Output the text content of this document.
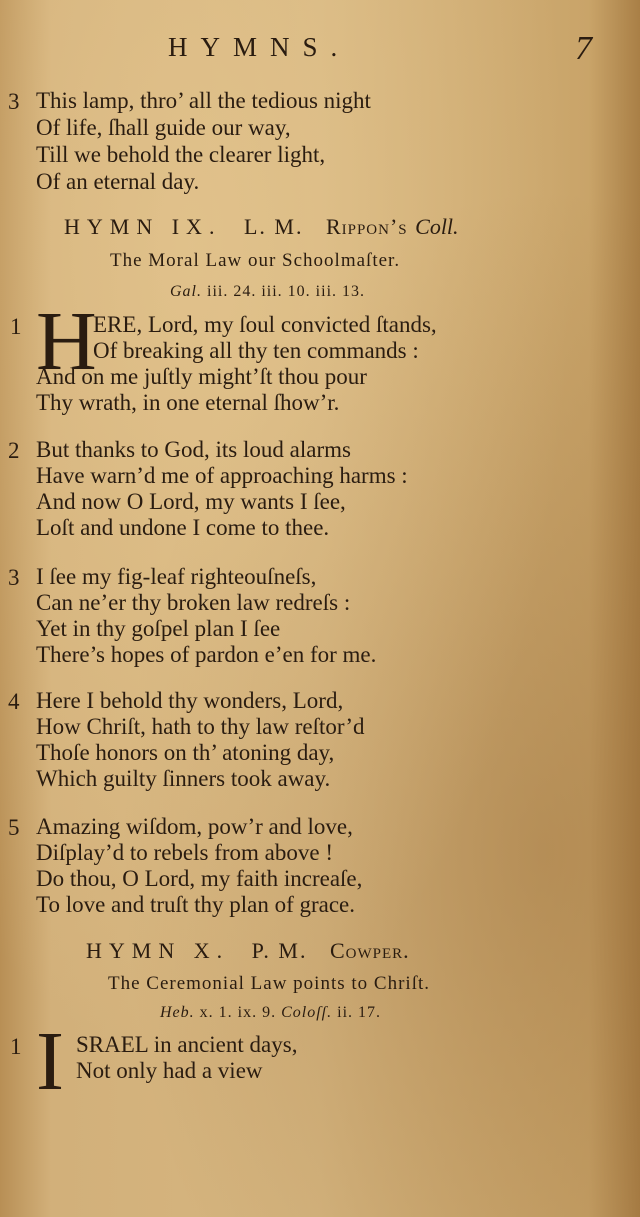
HYMNS.	7
3 This lamp, thro’ all the tedious night
Of life, ſhall guide our way,
Till we behold the clearer light,
Of an eternal day.
HYMN IX. L. M. Rippon’s Coll.
The Moral Law our Schoolmaſter.
Gal. iii. 24. iii. 10. iii. 13.
1 H
ERE, Lord, my ſoul convicted ſtands,
Of breaking all thy ten commands :
And on me juſtly might’ſt thou pour
Thy wrath, in one eternal ſhow’r.
2 But thanks to God, its loud alarms
Have warn’d me of approaching harms :
And now O Lord, my wants I ſee,
Loſt and undone I come to thee.
3 I ſee my fig-leaf righteouſneſs,
Can ne’er thy broken law redreſs :
Yet in thy goſpel plan I ſee
There’s hopes of pardon e’en for me.
4 Here I behold thy wonders, Lord,
How Chriſt, hath to thy law reſtor’d
Thoſe honors on th’ atoning day,
Which guilty ſinners took away.
5 Amazing wiſdom, pow’r and love,
Diſplay’d to rebels from above !
Do thou, O Lord, my faith increaſe,
To love and truſt thy plan of grace.
HYMN X. P. M. Cowper.
The Ceremonial Law points to Chriſt.
Heb. x. 1. ix. 9. Coloſſ. ii. 17.
1 I SRAEL in ancient days,
Not only had a view
